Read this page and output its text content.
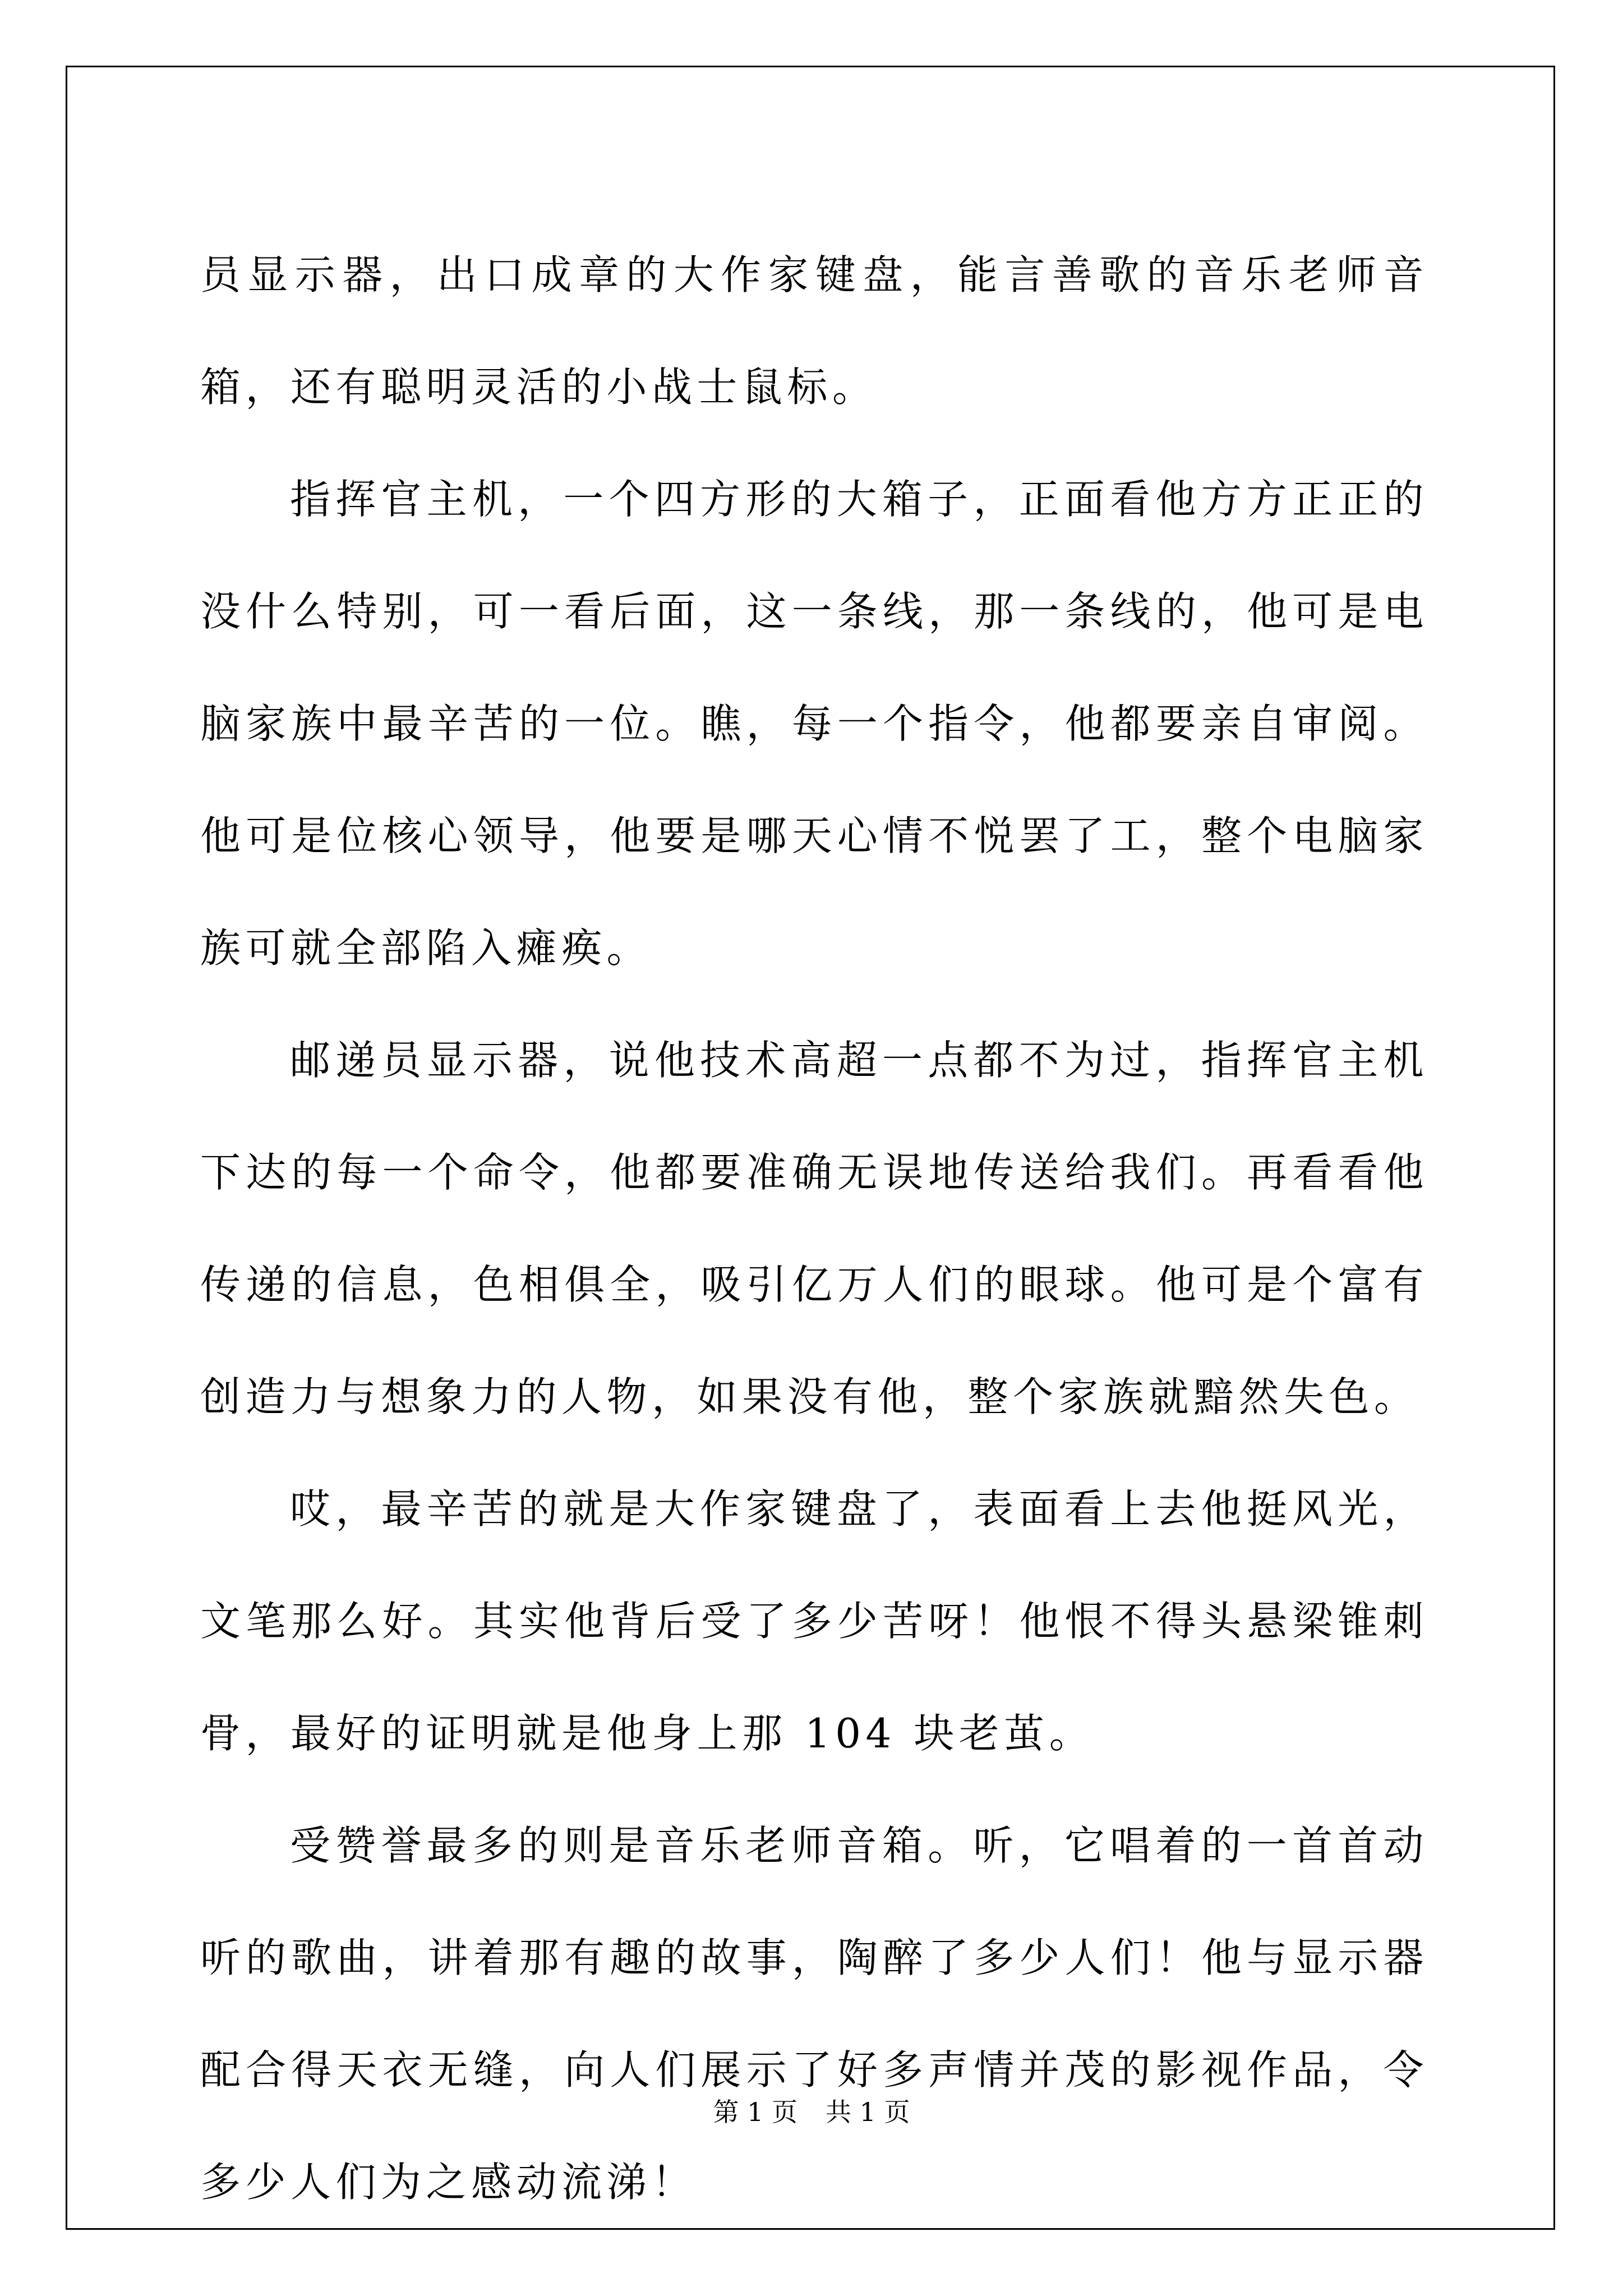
员显示器，出口成章的大作家键盘，能言善歌的音乐老师音箱，还有聪明灵活的小战士鼠标。

指挥官主机，一个四方形的大箱子，正面看他方方正正的没什么特别，可一看后面，这一条线，那一条线的，他可是电脑家族中最辛苦的一位。瞧，每一个指令，他都要亲自审阅。他可是位核心领导，他要是哪天心情不悦罢了工，整个电脑家族可就全部陷入瘫痪。

邮递员显示器，说他技术高超一点都不为过，指挥官主机下达的每一个命令，他都要准确无误地传送给我们。再看看他传递的信息，色相俱全，吸引亿万人们的眼球。他可是个富有创造力与想象力的人物，如果没有他，整个家族就黯然失色。

哎，最辛苦的就是大作家键盘了，表面看上去他挺风光，文笔那么好。其实他背后受了多少苦呀！他恨不得头悬梁锥刺骨，最好的证明就是他身上那 104 块老茧。

受赞誉最多的则是音乐老师音箱。听，它唱着的一首首动听的歌曲，讲着那有趣的故事，陶醉了多少人们！他与显示器配合得天衣无缝，向人们展示了好多声情并茂的影视作品，令多少人们为之感动流涕！

第 1 页 共 1 页
